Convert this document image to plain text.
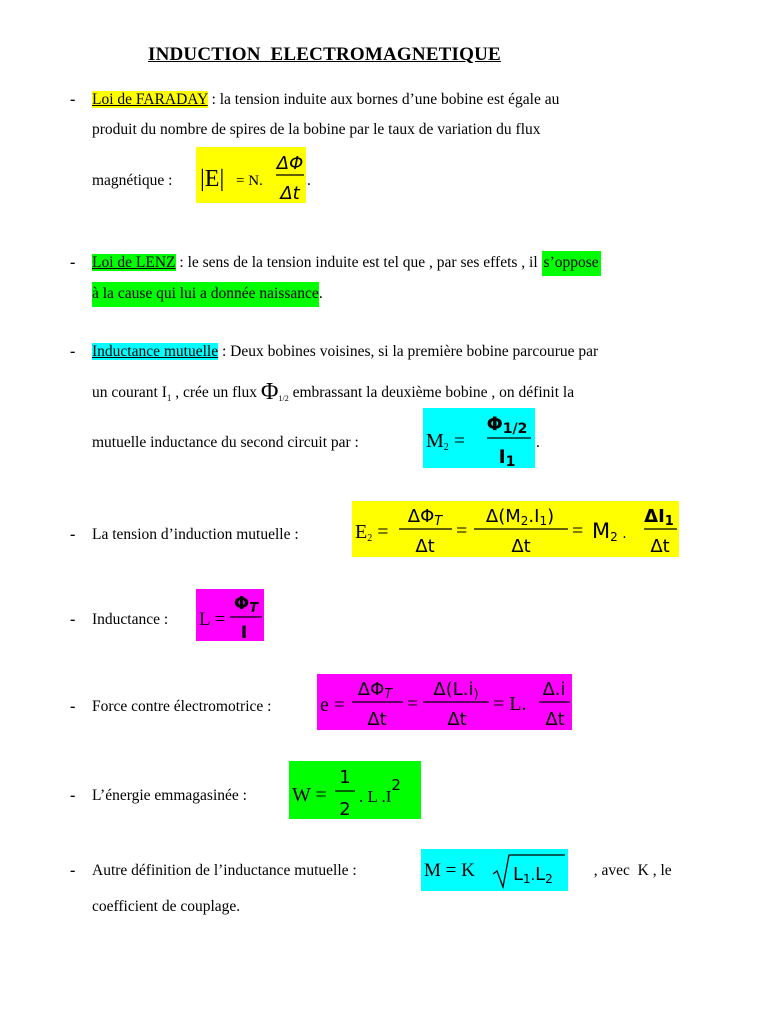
INDUCTION  ELECTROMAGNETIQUE
- Loi de FARADAY : la tension induite aux bornes d’une bobine est égale au
produit du nombre de spires de la bobine par le taux de variation du flux
magnétique : |E| = N.
ΔΦ
Δt
.
- Loi de LENZ : le sens de la tension induite est tel que , par ses effets , il s’oppose
à la cause qui lui a donnée naissance.
- Inductance mutuelle : Deux bobines voisines, si la première bobine parcourue par
un courant $I_1$ , crée un flux $\Phi_{1/2}$ embrassant la deuxième bobine , on définit la
mutuelle inductance du second circuit par :	M2 =
Φ1/2
I1
.
- La tension d’induction mutuelle :	E2 =
ΔΦT
Δt
=
Δ(M2.I1)
Δt
= M2 .
ΔI1
Δt
- Inductance : L =
ΦT
I
- Force contre électromotrice : e =
ΔΦT
Δt
=
Δ(L.i)
Δt
= L.
Δ.i
Δt
- L’énergie emmagasinée : W =
1
2
. L .I2
- Autre définition de l’inductance mutuelle :	M = K L1.L2 , avec  K , le
coefficient de couplage.
